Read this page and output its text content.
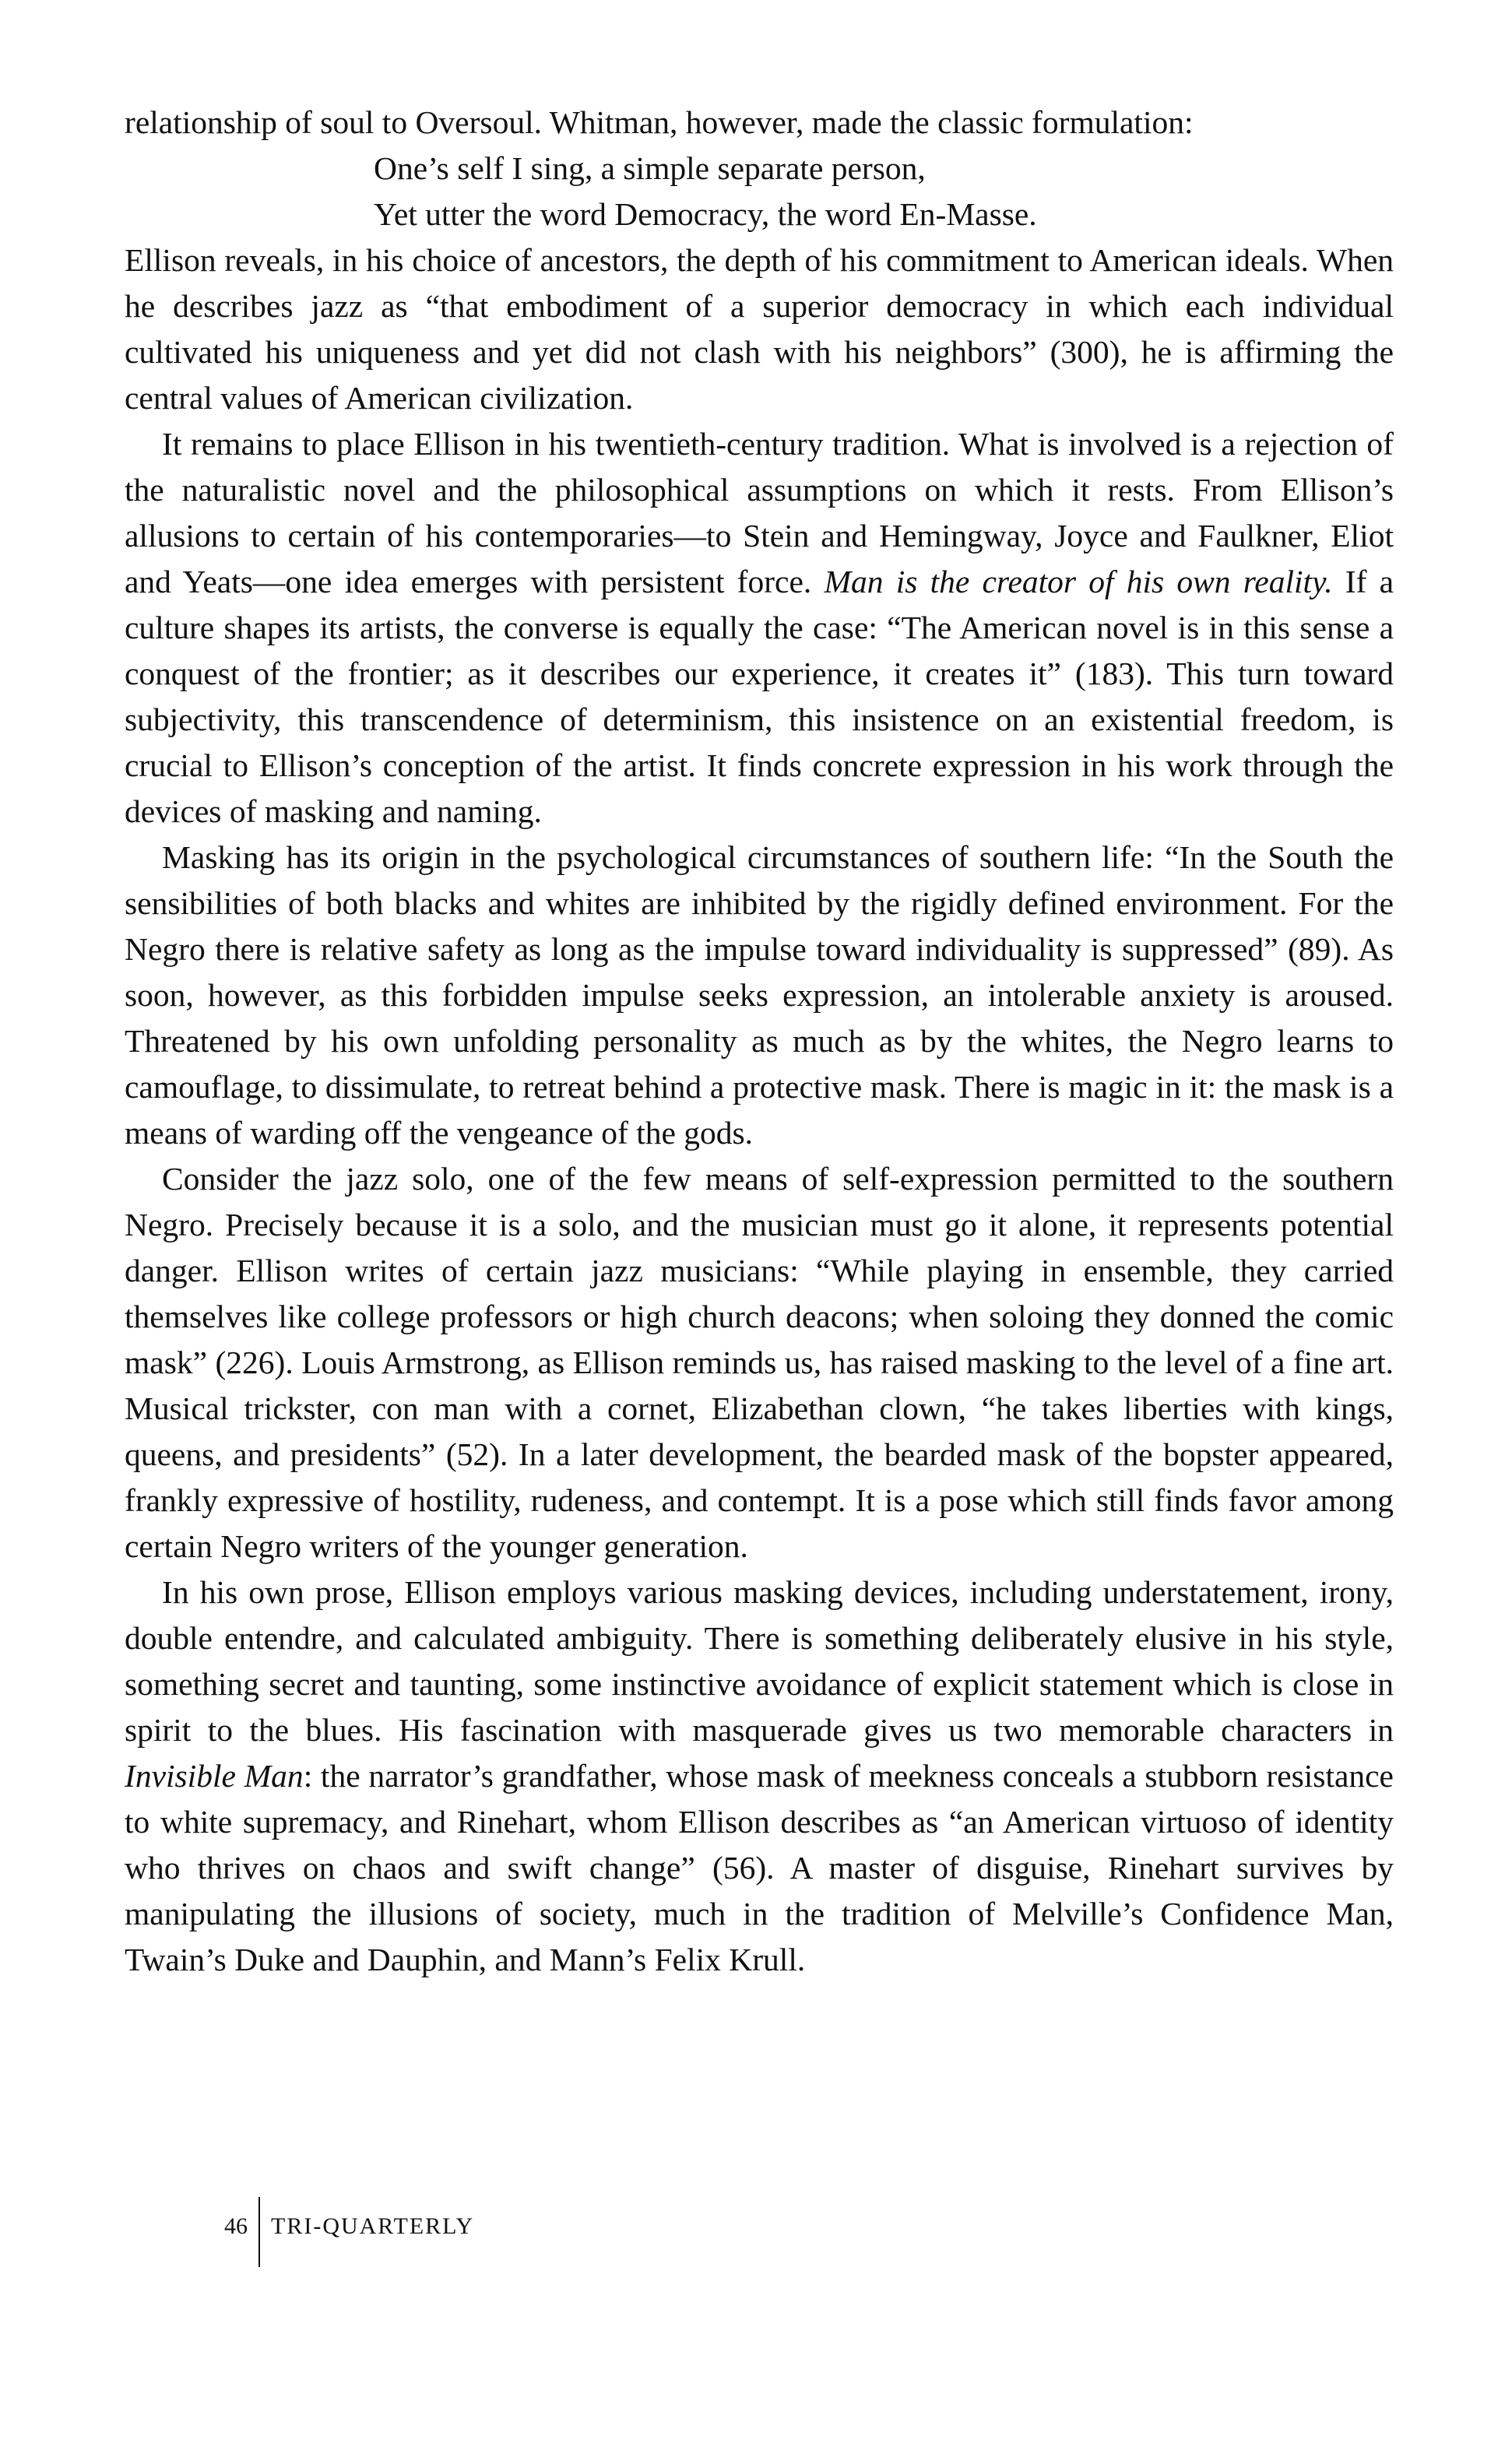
relationship of soul to Oversoul. Whitman, however, made the classic formulation:

One’s self I sing, a simple separate person,
Yet utter the word Democracy, the word En-Masse.

Ellison reveals, in his choice of ancestors, the depth of his commitment to American ideals. When he describes jazz as “that embodiment of a superior democracy in which each individual cultivated his uniqueness and yet did not clash with his neighbors” (300), he is affirming the central values of American civilization.

It remains to place Ellison in his twentieth-century tradition. What is involved is a rejection of the naturalistic novel and the philosophical assumptions on which it rests. From Ellison’s allusions to certain of his contemporaries—to Stein and Hemingway, Joyce and Faulkner, Eliot and Yeats—one idea emerges with persistent force. Man is the creator of his own reality. If a culture shapes its artists, the converse is equally the case: “The American novel is in this sense a conquest of the frontier; as it describes our experience, it creates it” (183). This turn toward subjectivity, this transcendence of determinism, this insistence on an existential freedom, is crucial to Ellison’s conception of the artist. It finds concrete expression in his work through the devices of masking and naming.

Masking has its origin in the psychological circumstances of southern life: “In the South the sensibilities of both blacks and whites are inhibited by the rigidly defined environment. For the Negro there is relative safety as long as the impulse toward individuality is suppressed” (89). As soon, however, as this forbidden impulse seeks expression, an intolerable anxiety is aroused. Threatened by his own unfolding personality as much as by the whites, the Negro learns to camouflage, to dissimulate, to retreat behind a protective mask. There is magic in it: the mask is a means of warding off the vengeance of the gods.

Consider the jazz solo, one of the few means of self-expression permitted to the southern Negro. Precisely because it is a solo, and the musician must go it alone, it represents potential danger. Ellison writes of certain jazz musicians: “While playing in ensemble, they carried themselves like college professors or high church deacons; when soloing they donned the comic mask” (226). Louis Armstrong, as Ellison reminds us, has raised masking to the level of a fine art. Musical trickster, con man with a cornet, Elizabethan clown, “he takes liberties with kings, queens, and presidents” (52). In a later development, the bearded mask of the bopster appeared, frankly expressive of hostility, rudeness, and contempt. It is a pose which still finds favor among certain Negro writers of the younger generation.

In his own prose, Ellison employs various masking devices, including understatement, irony, double entendre, and calculated ambiguity. There is something deliberately elusive in his style, something secret and taunting, some instinctive avoidance of explicit statement which is close in spirit to the blues. His fascination with masquerade gives us two memorable characters in Invisible Man: the narrator’s grandfather, whose mask of meekness conceals a stubborn resistance to white supremacy, and Rinehart, whom Ellison describes as “an American virtuoso of identity who thrives on chaos and swift change” (56). A master of disguise, Rinehart survives by manipulating the illusions of society, much in the tradition of Melville’s Confidence Man, Twain’s Duke and Dauphin, and Mann’s Felix Krull.

46 TRI-QUARTERLY
